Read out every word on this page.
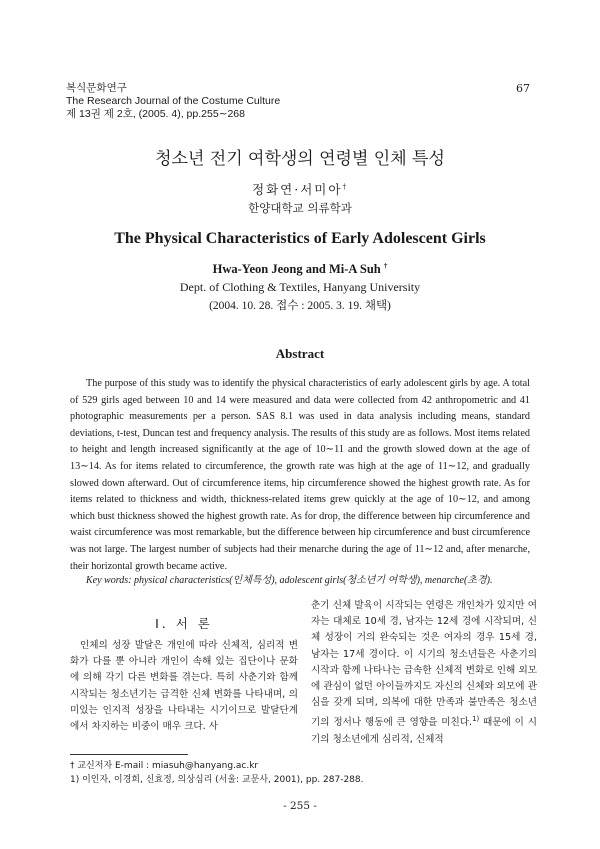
복식문화연구
The Research Journal of the Costume Culture
제 13권 제 2호, (2005. 4), pp.255∼268
67
청소년 전기 여학생의 연령별 인체 특성
정화연·서미아†
한양대학교 의류학과
The Physical Characteristics of Early Adolescent Girls
Hwa-Yeon Jeong and Mi-A Suh †
Dept. of Clothing & Textiles, Hanyang University
(2004. 10. 28. 접수 : 2005. 3. 19. 채택)
Abstract

The purpose of this study was to identify the physical characteristics of early adolescent girls by age. A total of 529 girls aged between 10 and 14 were measured and data were collected from 42 anthropometric and 41 photographic measurements per a person. SAS 8.1 was used in data analysis including means, standard deviations, t-test, Duncan test and frequency analysis. The results of this study are as follows. Most items related to height and length increased significantly at the age of 10∼11 and the growth slowed down at the age of 13∼14. As for items related to circumference, the growth rate was high at the age of 11∼12, and gradually slowed down afterward. Out of circumference items, hip circumference showed the highest growth rate. As for items related to thickness and width, thickness-related items grew quickly at the age of 10∼12, and among which bust thickness showed the highest growth rate. As for drop, the difference between hip circumference and waist circumference was most remarkable, but the difference between hip circumference and bust circumference was not large. The largest number of subjects had their menarche during the age of 11∼12 and, after menarche, their horizontal growth became active.

Key words: physical characteristics(인체특성), adolescent girls(청소년기 여학생), menarche(초경).
Ⅰ. 서 론

인체의 성장 발달은 개인에 따라 신체적, 심리적 변화가 다를 뿐 아니라 개인이 속해 있는 집단이나 문화에 의해 각기 다른 변화를 겪는다. 특히 사춘기와 함께 시작되는 청소년기는 급격한 신체 변화를 나타내며, 의미있는 인지적 성장을 나타내는 시기이므로 발달단계에서 차지하는 비중이 매우 크다. 사

춘기 신체 발육이 시작되는 연령은 개인차가 있지만 여자는 대체로 10세 경, 남자는 12세 경에 시작되며, 신체 성장이 거의 완숙되는 것은 여자의 경우 15세 경, 남자는 17세 경이다. 이 시기의 청소년들은 사춘기의 시작과 함께 나타나는 급속한 신체적 변화로 인해 외모에 관심이 없던 아이들까지도 자신의 신체와 외모에 관심을 갖게 되며, 의복에 대한 만족과 불만족은 청소년기의 정서나 행동에 큰 영향을 미친다.$^{1)}$ 때문에 이 시기의 청소년에게 심리적, 신체적

† 교신저자 E-mail : miasuh@hanyang.ac.kr
1) 이인자, 이경희, 신효정, 의상심리 (서울: 교문사, 2001), pp. 287-288.
- 255 -
